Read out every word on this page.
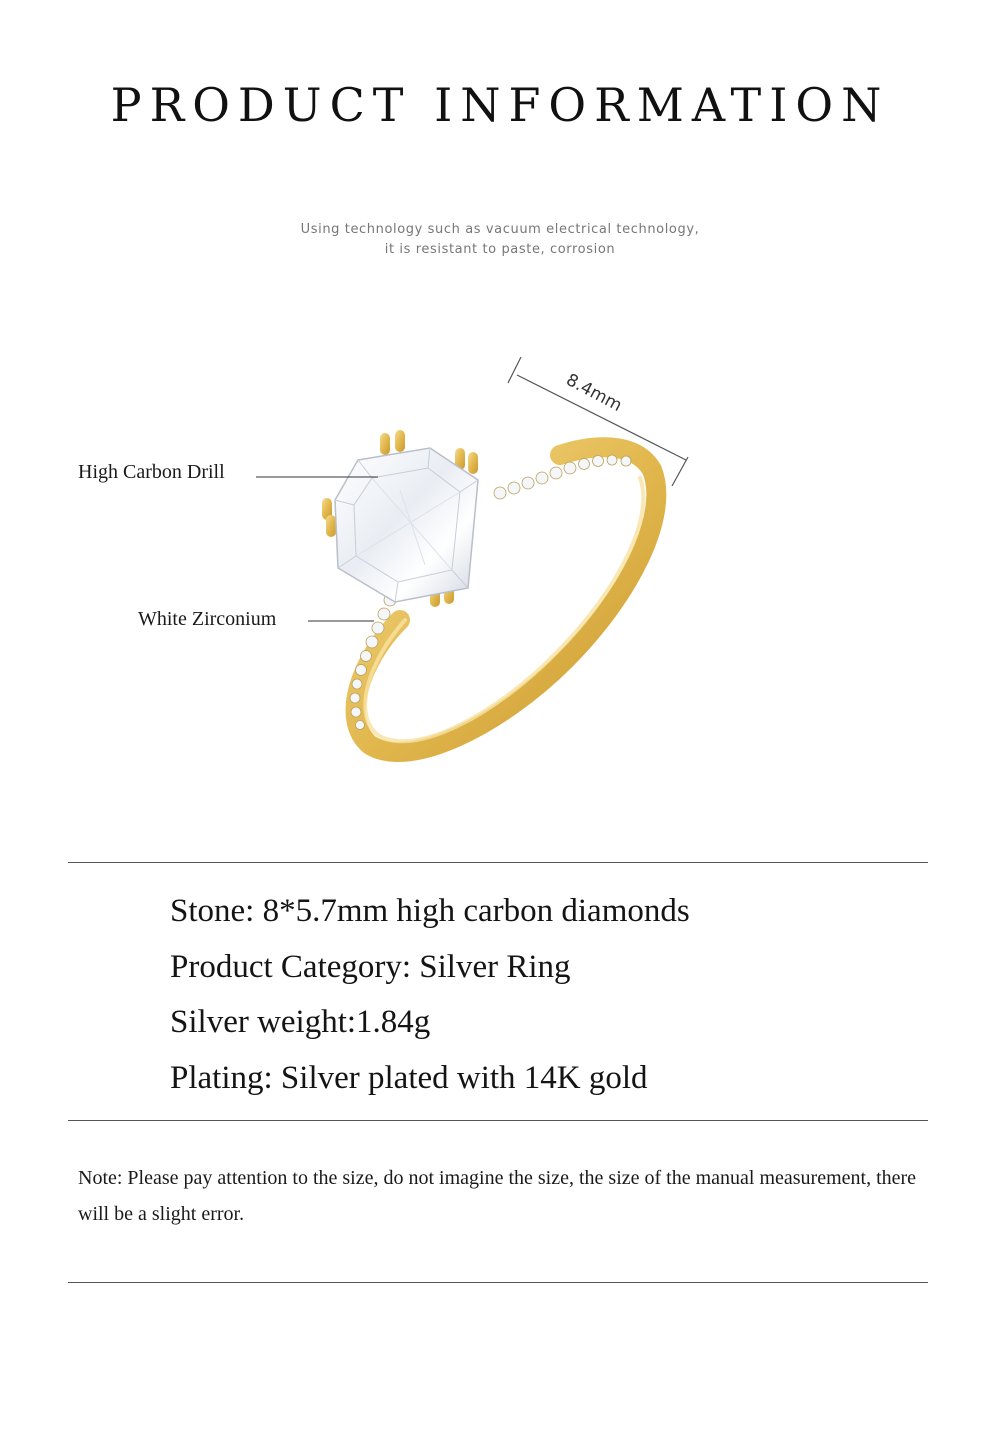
PRODUCT INFORMATION
Using technology such as vacuum electrical technology,
it is resistant to paste, corrosion
8.4mm
High Carbon Drill
White Zirconium
Stone: 8*5.7mm high carbon diamonds
Product Category: Silver Ring
Silver weight:1.84g
Plating: Silver plated with 14K gold
Note: Please pay attention to the size, do not imagine the size, the size of the manual measurement, there will be a slight error.
